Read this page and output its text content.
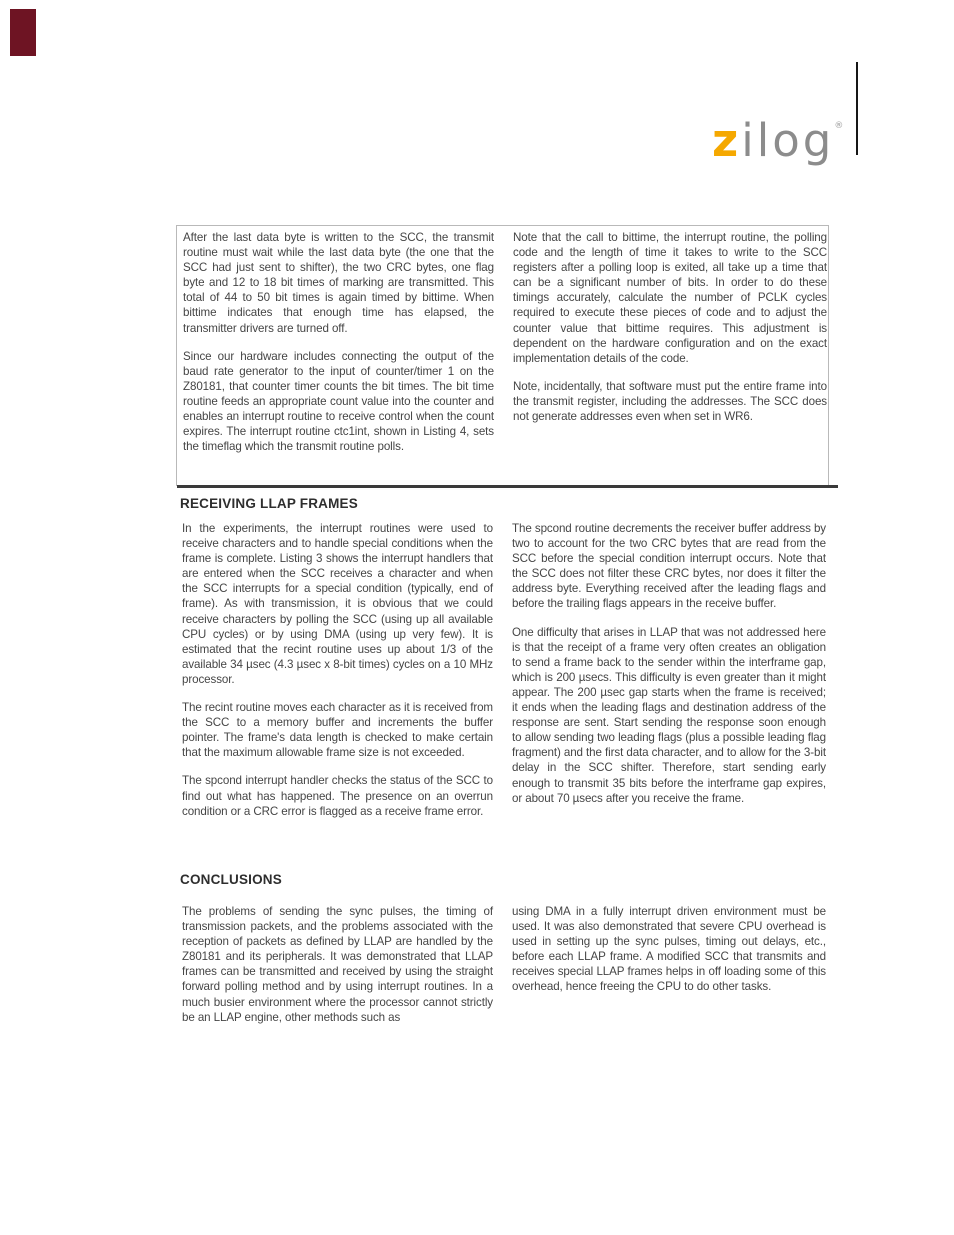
zilog®

After the last data byte is written to the SCC, the transmit routine must wait while the last data byte (the one that the SCC had just sent to shifter), the two CRC bytes, one flag byte and 12 to 18 bit times of marking are transmitted. This total of 44 to 50 bit times is again timed by bittime. When bittime indicates that enough time has elapsed, the transmitter drivers are turned off.

Since our hardware includes connecting the output of the baud rate generator to the input of counter/timer 1 on the Z80181, that counter timer counts the bit times. The bit time routine feeds an appropriate count value into the counter and enables an interrupt routine to receive control when the count expires. The interrupt routine ctc1int, shown in Listing 4, sets the timeflag which the transmit routine polls.

Note that the call to bittime, the interrupt routine, the polling code and the length of time it takes to write to the SCC registers after a polling loop is exited, all take up a time that can be a significant number of bits. In order to do these timings accurately, calculate the number of PCLK cycles required to execute these pieces of code and to adjust the counter value that bittime requires. This adjustment is dependent on the hardware configuration and on the exact implementation details of the code.

Note, incidentally, that software must put the entire frame into the transmit register, including the addresses. The SCC does not generate addresses even when set in WR6.

RECEIVING LLAP FRAMES

In the experiments, the interrupt routines were used to receive characters and to handle special conditions when the frame is complete. Listing 3 shows the interrupt handlers that are entered when the SCC receives a character and when the SCC interrupts for a special condition (typically, end of frame). As with transmission, it is obvious that we could receive characters by polling the SCC (using up all available CPU cycles) or by using DMA (using up very few). It is estimated that the recint routine uses up about 1/3 of the available 34 µsec (4.3 µsec x 8-bit times) cycles on a 10 MHz processor.

The recint routine moves each character as it is received from the SCC to a memory buffer and increments the buffer pointer. The frame's data length is checked to make certain that the maximum allowable frame size is not exceeded.

The spcond interrupt handler checks the status of the SCC to find out what has happened. The presence on an overrun condition or a CRC error is flagged as a receive frame error.

The spcond routine decrements the receiver buffer address by two to account for the two CRC bytes that are read from the SCC before the special condition interrupt occurs. Note that the SCC does not filter these CRC bytes, nor does it filter the address byte. Everything received after the leading flags and before the trailing flags appears in the receive buffer.

One difficulty that arises in LLAP that was not addressed here is that the receipt of a frame very often creates an obligation to send a frame back to the sender within the interframe gap, which is 200 µsecs. This difficulty is even greater than it might appear. The 200 µsec gap starts when the frame is received; it ends when the leading flags and destination address of the response are sent. Start sending the response soon enough to allow sending two leading flags (plus a possible leading flag fragment) and the first data character, and to allow for the 3-bit delay in the SCC shifter. Therefore, start sending early enough to transmit 35 bits before the interframe gap expires, or about 70 µsecs after you receive the frame.

CONCLUSIONS

The problems of sending the sync pulses, the timing of transmission packets, and the problems associated with the reception of packets as defined by LLAP are handled by the Z80181 and its peripherals. It was demonstrated that LLAP frames can be transmitted and received by using the straight forward polling method and by using interrupt routines. In a much busier environment where the processor cannot strictly be an LLAP engine, other methods such as

using DMA in a fully interrupt driven environment must be used. It was also demonstrated that severe CPU overhead is used in setting up the sync pulses, timing out delays, etc., before each LLAP frame. A modified SCC that transmits and receives special LLAP frames helps in off loading some of this overhead, hence freeing the CPU to do other tasks.
